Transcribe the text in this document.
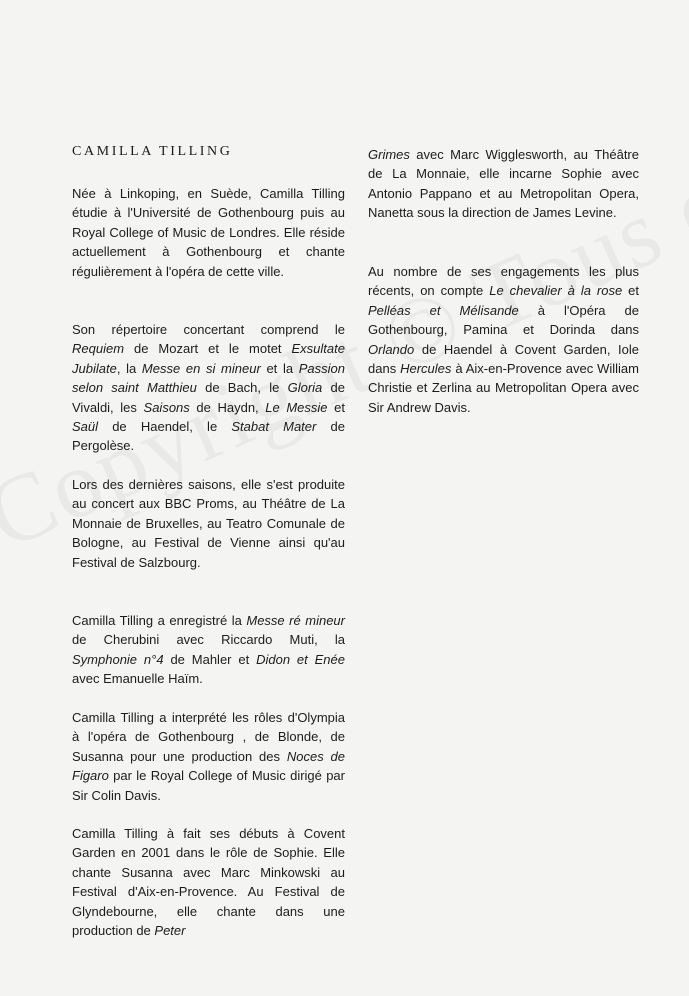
CAMILLA TILLING

Née à Linkoping, en Suède, Camilla Tilling étudie à l'Université de Gothenbourg puis au Royal College of Music de Londres. Elle réside actuellement à Gothenbourg et chante régulièrement à l'opéra de cette ville.

Son répertoire concertant comprend le Requiem de Mozart et le motet Exsultate Jubilate, la Messe en si mineur et la Passion selon saint Matthieu de Bach, le Gloria de Vivaldi, les Saisons de Haydn, Le Messie et Saül de Haendel, le Stabat Mater de Pergolèse.

Lors des dernières saisons, elle s'est produite au concert aux BBC Proms, au Théâtre de La Monnaie de Bruxelles, au Teatro Comunale de Bologne, au Festival de Vienne ainsi qu'au Festival de Salzbourg.

Camilla Tilling a enregistré la Messe ré mineur de Cherubini avec Riccardo Muti, la Symphonie n°4 de Mahler et Didon et Enée avec Emanuelle Haïm.

Camilla Tilling a interprété les rôles d'Olympia à l'opéra de Gothenbourg , de Blonde, de Susanna pour une production des Noces de Figaro par le Royal College of Music dirigé par Sir Colin Davis.

Camilla Tilling à fait ses débuts à Covent Garden en 2001 dans le rôle de Sophie. Elle chante Susanna avec Marc Minkowski au Festival d'Aix-en-Provence. Au Festival de Glyndebourne, elle chante dans une production de Peter

Grimes avec Marc Wigglesworth, au Théâtre de La Monnaie, elle incarne Sophie avec Antonio Pappano et au Metropolitan Opera, Nanetta sous la direction de James Levine.

Au nombre de ses engagements les plus récents, on compte Le chevalier à la rose et Pelléas et Mélisande à l'Opéra de Gothenbourg, Pamina et Dorinda dans Orlando de Haendel à Covent Garden, Iole dans Hercules à Aix-en-Provence avec William Christie et Zerlina au Metropolitan Opera avec Sir Andrew Davis.
